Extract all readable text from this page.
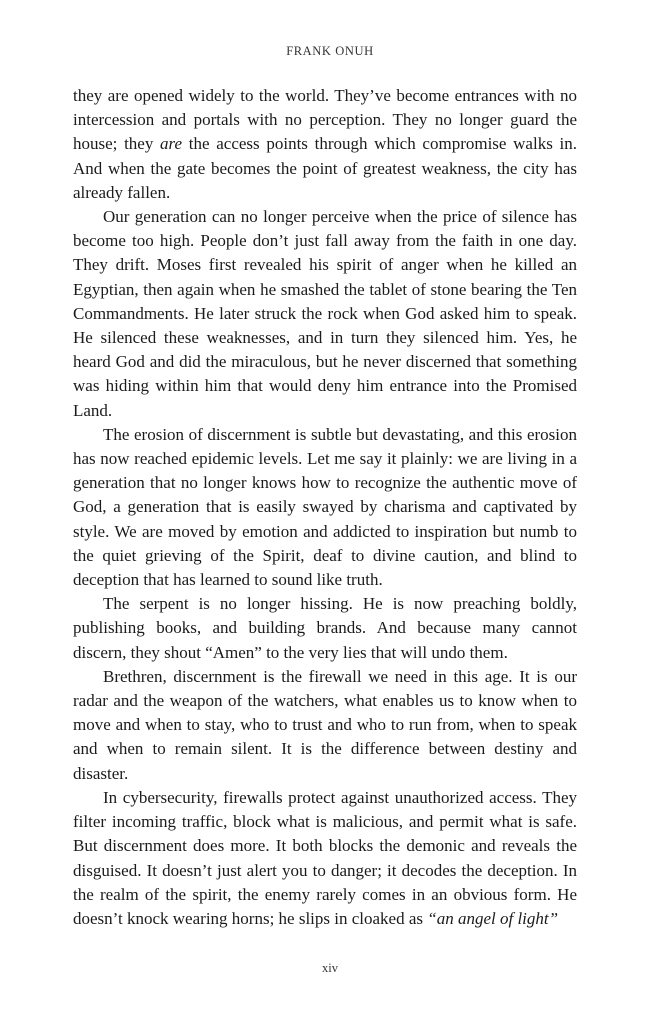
FRANK ONUH

they are opened widely to the world. They’ve become entrances with no intercession and portals with no perception. They no longer guard the house; they are the access points through which compromise walks in. And when the gate becomes the point of greatest weakness, the city has already fallen.

Our generation can no longer perceive when the price of silence has become too high. People don’t just fall away from the faith in one day. They drift. Moses first revealed his spirit of anger when he killed an Egyptian, then again when he smashed the tablet of stone bearing the Ten Commandments. He later struck the rock when God asked him to speak. He silenced these weaknesses, and in turn they silenced him. Yes, he heard God and did the miraculous, but he never discerned that something was hiding within him that would deny him entrance into the Promised Land.

The erosion of discernment is subtle but devastating, and this erosion has now reached epidemic levels. Let me say it plainly: we are living in a generation that no longer knows how to recognize the authentic move of God, a generation that is easily swayed by charisma and captivated by style. We are moved by emotion and addicted to inspiration but numb to the quiet grieving of the Spirit, deaf to divine caution, and blind to deception that has learned to sound like truth.

The serpent is no longer hissing. He is now preaching boldly, publishing books, and building brands. And because many cannot discern, they shout “Amen” to the very lies that will undo them.

Brethren, discernment is the firewall we need in this age. It is our radar and the weapon of the watchers, what enables us to know when to move and when to stay, who to trust and who to run from, when to speak and when to remain silent. It is the difference between destiny and disaster.

In cybersecurity, firewalls protect against unauthorized access. They filter incoming traffic, block what is malicious, and permit what is safe. But discernment does more. It both blocks the demonic and reveals the disguised. It doesn’t just alert you to danger; it decodes the deception. In the realm of the spirit, the enemy rarely comes in an obvious form. He doesn’t knock wearing horns; he slips in cloaked as “an angel of light”

xiv
